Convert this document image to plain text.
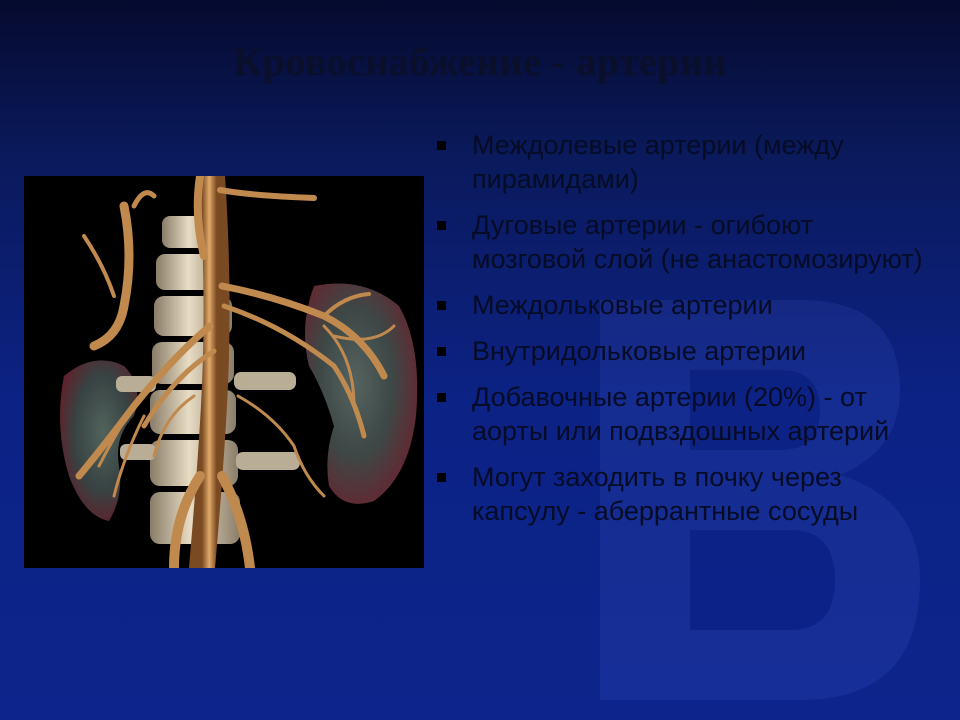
Кровоснабжение - артерии
Междолевые артерии (между пирамидами)
Дуговые артерии - огибоют мозговой слой (не анастомозируют)
Междольковые артерии
Внутридольковые артерии
Добавочные артерии (20%) - от аорты или подвздошных артерий
Могут заходить в почку через капсулу - аберрантные сосуды
